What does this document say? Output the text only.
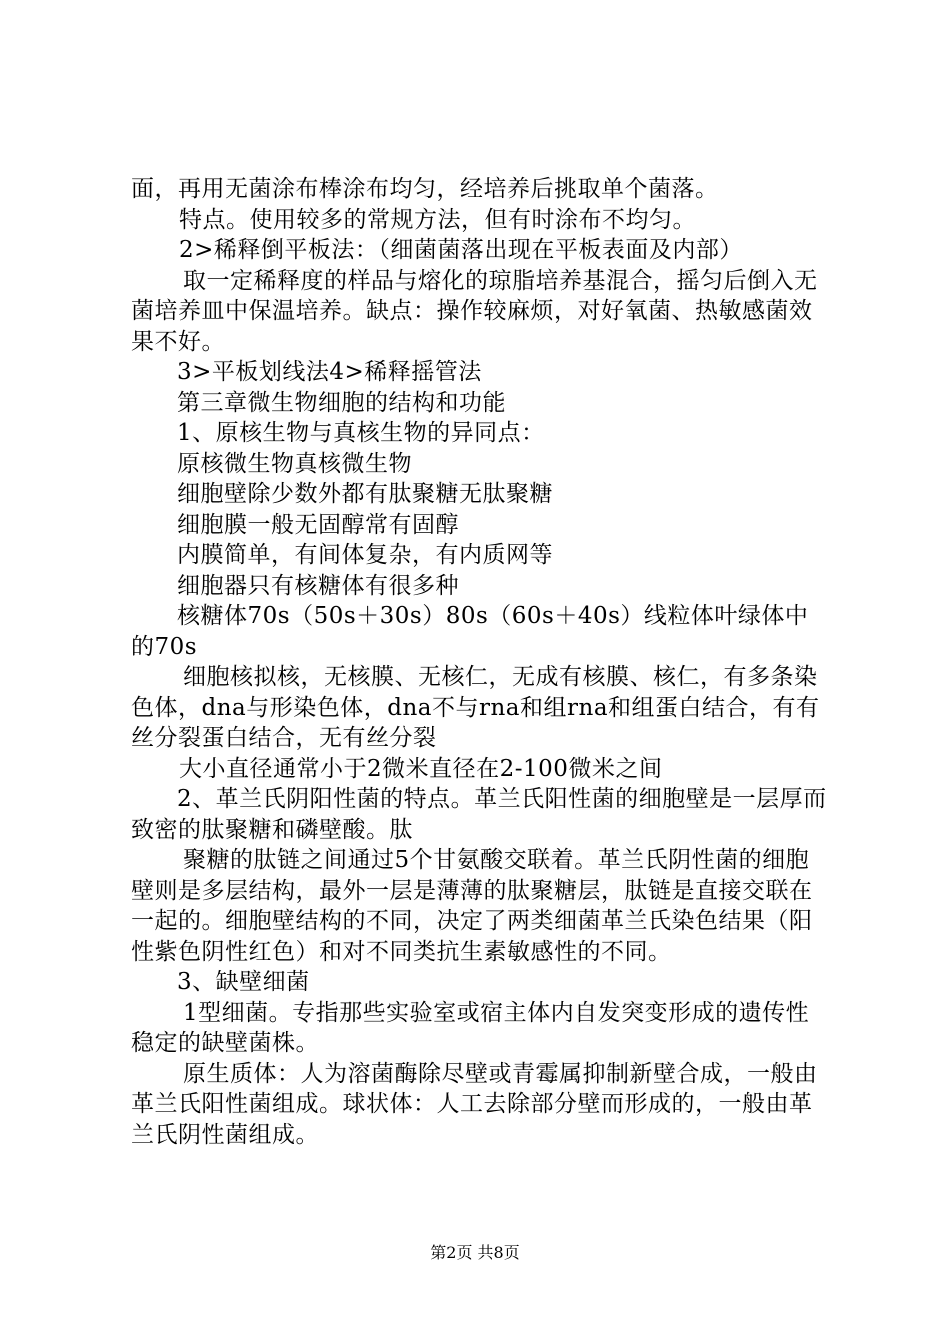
面，再用无菌涂布棒涂布均匀，经培养后挑取单个菌落。

特点。使用较多的常规方法，但有时涂布不均匀。

2>稀释倒平板法：（细菌菌落出现在平板表面及内部）

取一定稀释度的样品与熔化的琼脂培养基混合，摇匀后倒入无菌培养皿中保温培养。缺点：操作较麻烦，对好氧菌、热敏感菌效果不好。

3>平板划线法4>稀释摇管法

第三章微生物细胞的结构和功能

1、原核生物与真核生物的异同点：

原核微生物真核微生物

细胞壁除少数外都有肽聚糖无肽聚糖

细胞膜一般无固醇常有固醇

内膜简单，有间体复杂，有内质网等

细胞器只有核糖体有很多种

核糖体70s（50s＋30s）80s（60s＋40s）线粒体叶绿体中的70s

细胞核拟核，无核膜、无核仁，无成有核膜、核仁，有多条染色体，dna与形染色体，dna不与rna和组rna和组蛋白结合，有有丝分裂蛋白结合，无有丝分裂

大小直径通常小于2微米直径在2-100微米之间

2、革兰氏阴阳性菌的特点。革兰氏阳性菌的细胞壁是一层厚而致密的肽聚糖和磷壁酸。肽

聚糖的肽链之间通过5个甘氨酸交联着。革兰氏阴性菌的细胞壁则是多层结构，最外一层是薄薄的肽聚糖层，肽链是直接交联在一起的。细胞壁结构的不同，决定了两类细菌革兰氏染色结果（阳性紫色阴性红色）和对不同类抗生素敏感性的不同。

3、缺壁细菌

1型细菌。专指那些实验室或宿主体内自发突变形成的遗传性稳定的缺壁菌株。

原生质体：人为溶菌酶除尽壁或青霉属抑制新壁合成，一般由革兰氏阳性菌组成。球状体：人工去除部分壁而形成的，一般由革兰氏阴性菌组成。

第2页 共8页
